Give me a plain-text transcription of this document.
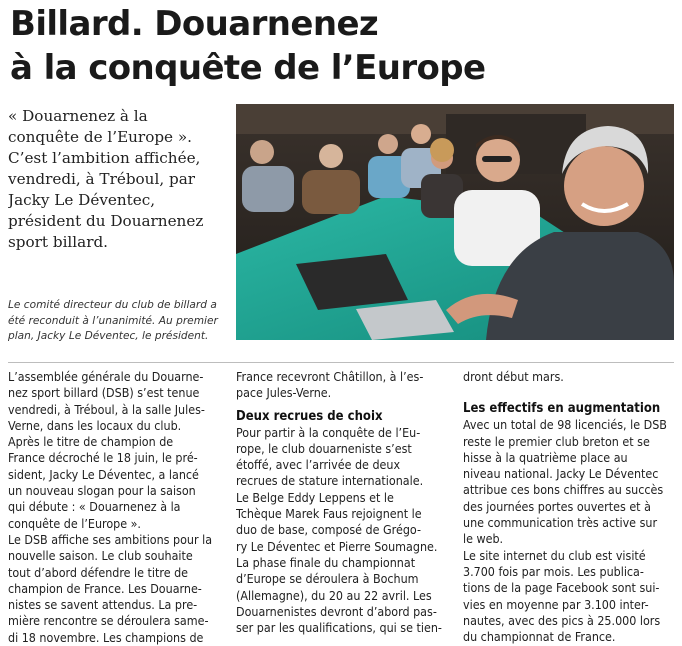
Billard. Douarnenez
à la conquête de l’Europe
« Douarnenez à la
conquête de l’Europe ».
C’est l’ambition affichée,
vendredi, à Tréboul, par
Jacky Le Déventec,
président du Douarnenez
sport billard.
Le comité directeur du club de billard a
été reconduit à l’unanimité. Au premier
plan, Jacky Le Déventec, le président.
L’assemblée générale du Douarne-
nez sport billard (DSB) s’est tenue
vendredi, à Tréboul, à la salle Jules-
Verne, dans les locaux du club.
Après le titre de champion de
France décroché le 18 juin, le pré-
sident, Jacky Le Déventec, a lancé
un nouveau slogan pour la saison
qui débute : « Douarnenez à la
conquête de l’Europe ».
Le DSB affiche ses ambitions pour la
nouvelle saison. Le club souhaite
tout d’abord défendre le titre de
champion de France. Les Douarne-
nistes se savent attendus. La pre-
mière rencontre se déroulera same-
di 18 novembre. Les champions de
France recevront Châtillon, à l’es-
pace Jules-Verne.
Deux recrues de choix
Pour partir à la conquête de l’Eu-
rope, le club douarneniste s’est
étoffé, avec l’arrivée de deux
recrues de stature internationale.
Le Belge Eddy Leppens et le
Tchèque Marek Faus rejoignent le
duo de base, composé de Grégo-
ry Le Déventec et Pierre Soumagne.
La phase finale du championnat
d’Europe se déroulera à Bochum
(Allemagne), du 20 au 22 avril. Les
Douarnenistes devront d’abord pas-
ser par les qualifications, qui se tien-
dront début mars.
Les effectifs en augmentation
Avec un total de 98 licenciés, le DSB
reste le premier club breton et se
hisse à la quatrième place au
niveau national. Jacky Le Déventec
attribue ces bons chiffres au succès
des journées portes ouvertes et à
une communication très active sur
le web.
Le site internet du club est visité
3.700 fois par mois. Les publica-
tions de la page Facebook sont sui-
vies en moyenne par 3.100 inter-
nautes, avec des pics à 25.000 lors
du championnat de France.
